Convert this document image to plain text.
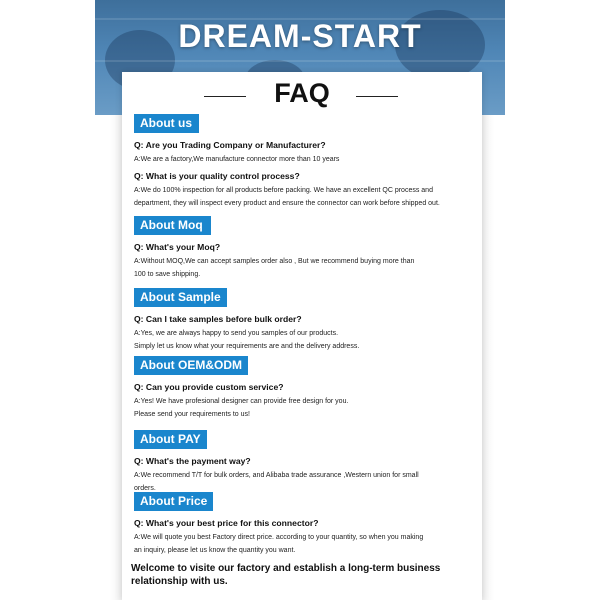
DREAM-START
FAQ
About us

Q: Are you Trading Company or Manufacturer?

A:We are a factory,We manufacture connector more than 10 years

Q: What is your quality control process?

A:We do 100% inspection for all products before packing. We have an excellent QC process and

department, they will inspect every product and ensure the connector can work before shipped out.

About Moq

Q: What's your Moq?

A:Without MOQ,We can accept samples order also , But we recommend buying more than

100 to save shipping.

About Sample

Q: Can I take samples before bulk order?

A:Yes, we are always happy to send you samples of our products.

Simply let us know what your requirements are and the delivery address.

About OEM&ODM

Q: Can you provide custom service?

A:Yes! We have profesional designer can provide free design for you.

Please send your requirements to us!

About PAY

Q: What's the payment way?

A:We recommend T/T for bulk orders, and Alibaba trade assurance ,Western union for small

orders.

About Price

Q: What's your best price for this connector?

A:We will quote you best Factory direct price. according to your quantity, so when you making

an inquiry, please let us know the quantity you want.

Welcome to visite our factory and establish a long-term business relationship with us.
